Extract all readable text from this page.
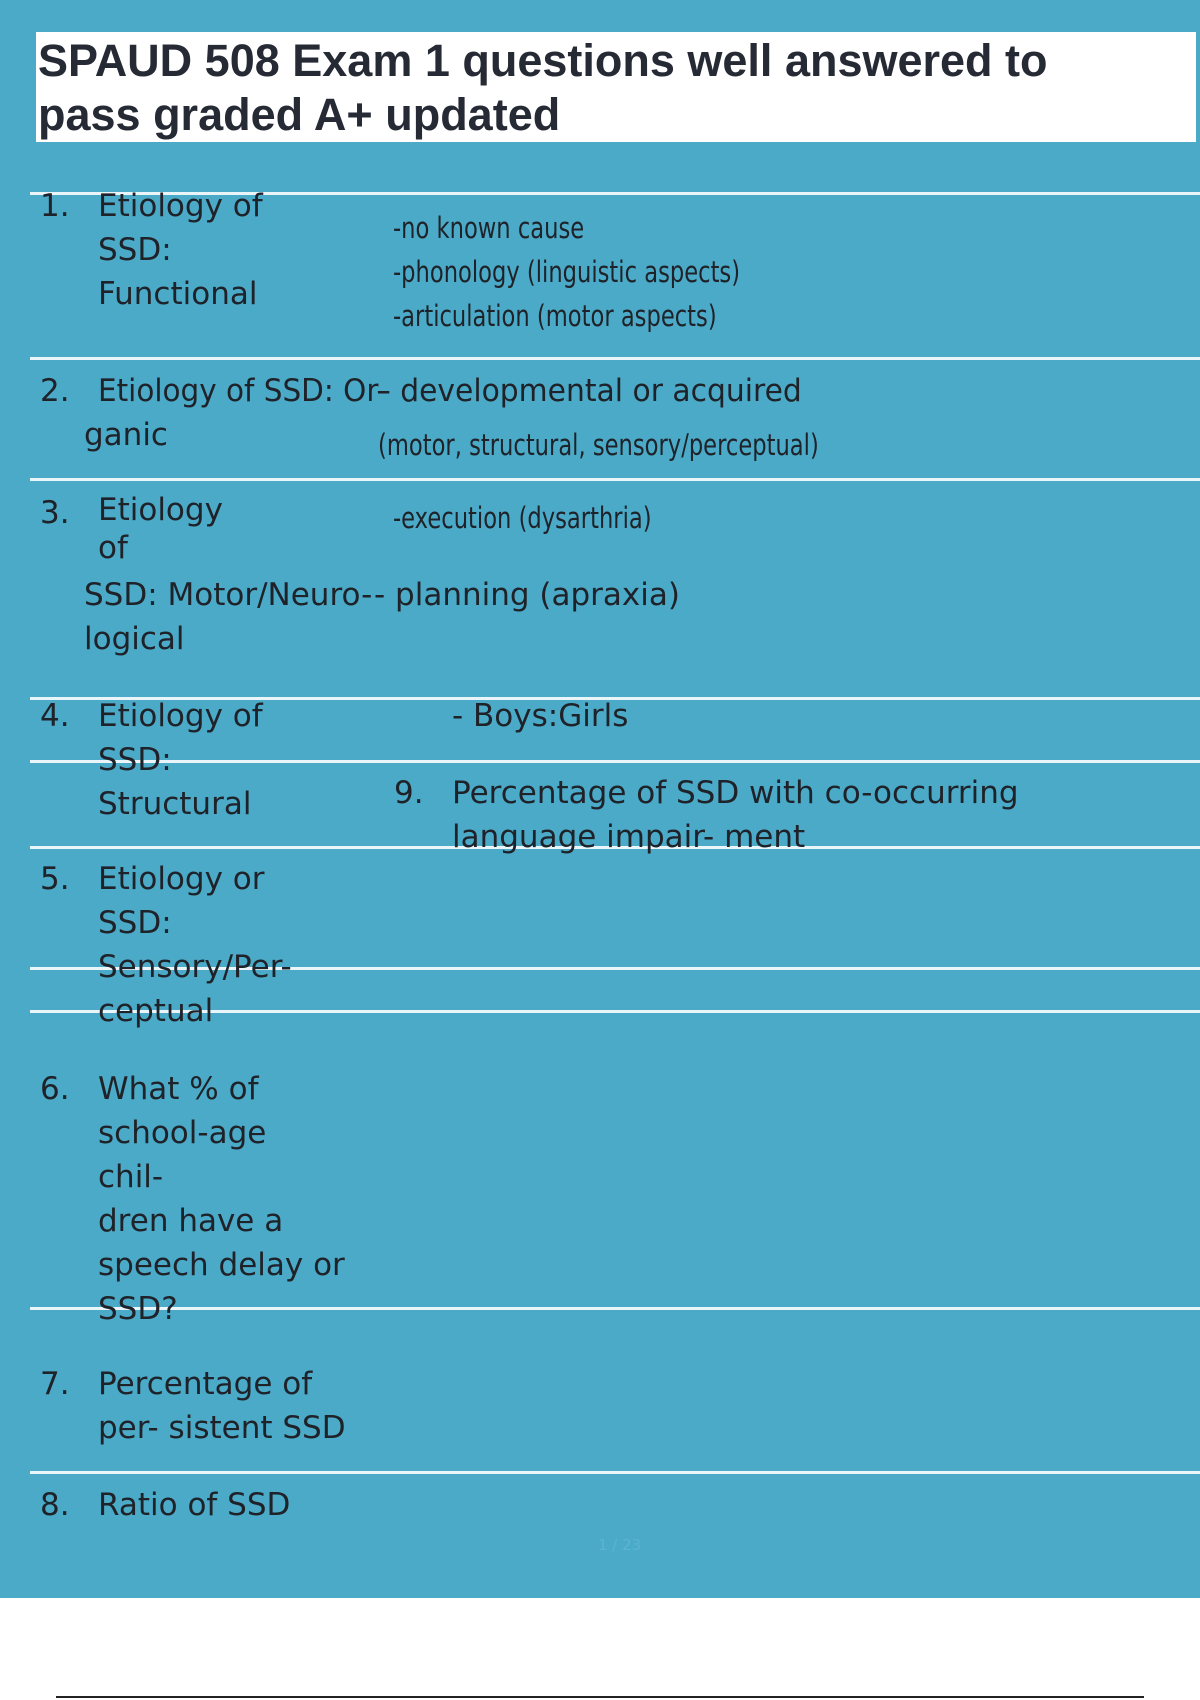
SPAUD 508 Exam 1 questions well answered to
pass graded A+ updated
1. Etiology of
SSD:
Functional
-no known cause
-phonology (linguistic aspects)
-articulation (motor aspects)
2. Etiology of SSD: Or-
ganic
- developmental or acquired
(motor, structural, sensory/perceptual)
3. Etiology
of
SSD: Motor/Neuro-
logical
-execution (dysarthria)
- planning (apraxia)
4. Etiology of
SSD:
Structural
- Boys:Girls
9. Percentage of SSD with co-occurring
language impair- ment
5. Etiology or
SSD:
Sensory/Per-
ceptual
6. What % of
school-age
chil-
dren have a
speech delay or
SSD?
7. Percentage of
per- sistent SSD
8. Ratio of SSD
1 / 23
